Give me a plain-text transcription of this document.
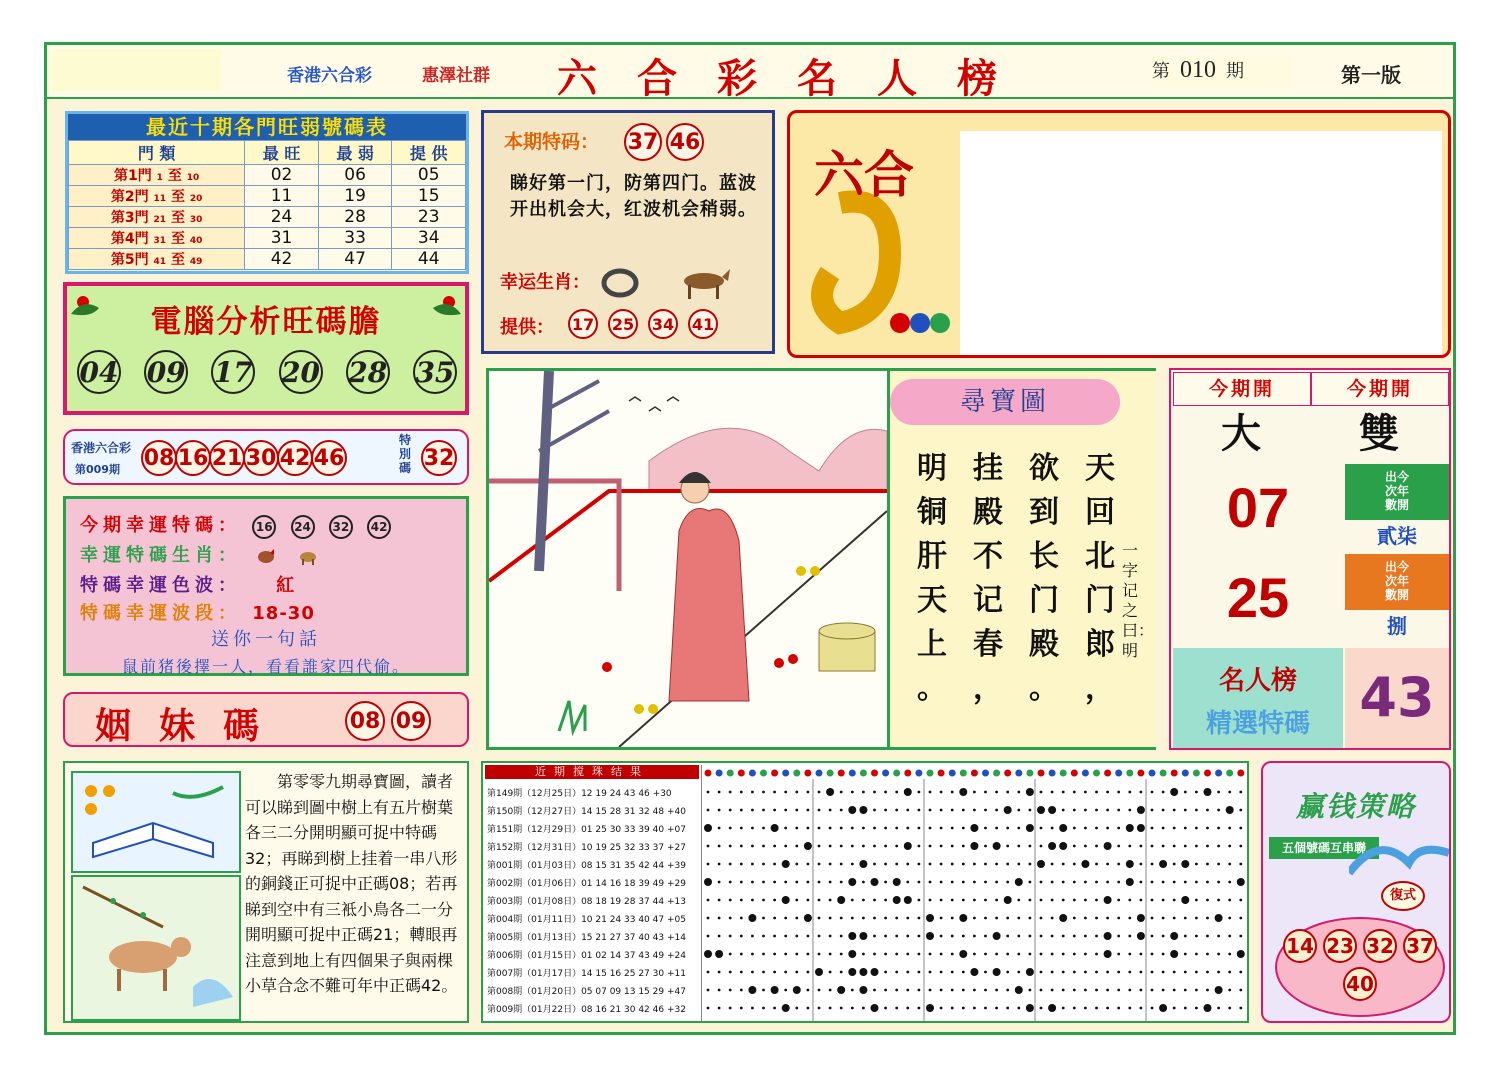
香港六合彩	惠澤社群 六合彩名人榜	第 010 期	第一版
最近十期各門旺弱號碼表
門 類	最 旺	最 弱	提 供
第1門 1 至 10	02	06	05
第2門 11 至 20	11	19	15
第3門 21 至 30	24	28	23
第4門 31 至 40	31	33	34
第5門 41 至 49	42	47	44
電腦分析旺碼膽
04 09 17 20 28 35
香港六合彩
第009期 08 16 21 30 42 46
特別碼 32
今期幸運特碼： 16 24 32 42
幸運特碼生肖：
特碼幸運色波： 紅
特碼幸運波段： 18-30
送你一句話
鼠前猪後擇一人，看看誰家四代偷。
姻妹碼	08 09
第零零九期尋寶圖，讀者可以睇到圖中樹上有五片樹葉各三二分開明顯可捉中特碼32；再睇到樹上挂着一串八形的銅錢正可捉中正碼08；若再睇到空中有三袛小鳥各二一分開明顯可捉中正碼21；轉眼再注意到地上有四個果子與兩棵小草合念不難可年中正碼42。
本期特码： 37 46
睇好第一门，防第四门。蓝波开出机会大，红波机会稍弱。
幸运生肖：
提供： 17 25 34 41
六合
尋寶圖
天回北门郎
，
欲到长门殿
。
挂殿不记春
，
明铜肝天上
。
一字记之曰：明
今期開	今期開
大	雙
07	出今
次年
數開
貳柒
25	出今
次年
數開
捌
名人榜
精選特碼 43
近期搅珠结果
第149期（12月25日）12 19 24 43 46 +30
第150期（12月27日）14 15 28 31 32 48 +40
第151期（12月29日）01 25 30 33 39 40 +07
第152期（12月31日）10 19 25 32 33 37 +27
第001期（01月03日）08 15 31 35 42 44 +39
第002期（01月06日）01 14 16 18 39 49 +29
第003期（01月08日）08 18 19 28 37 44 +13
第004期（01月11日）10 21 24 33 40 47 +05
第005期（01月13日）15 21 27 37 40 43 +14
第006期（01月15日）01 02 14 37 43 49 +24
第007期（01月17日）14 15 16 25 27 30 +11
第008期（01月20日）05 07 09 13 15 29 +47
第009期（01月22日）08 16 21 30 42 46 +32
赢钱策略
五個號碼互串聯
復式
14 23 32 37
40
